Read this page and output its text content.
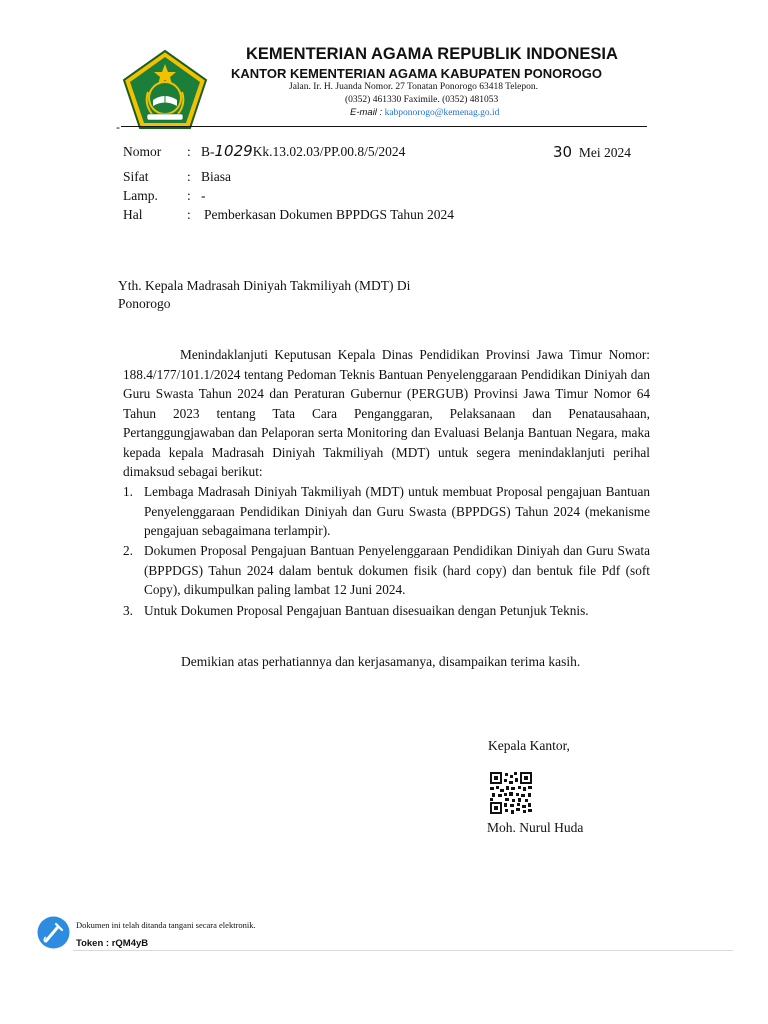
KEMENTERIAN AGAMA REPUBLIK INDONESIA
KANTOR KEMENTERIAN AGAMA KABUPATEN PONOROGO
Jalan. Ir. H. Juanda Nomor. 27 Tonatan Ponorogo 63418 Telepon.
(0352) 461330 Faximile. (0352) 481053
E-mail : kabponorogo@kemenag.go.id
-
Nomor : B-1029Kk.13.02.03/PP.00.8/5/2024	30 Mei 2024
Sifat	: Biasa
Lamp. : -
Hal	: Pemberkasan Dokumen BPPDGS Tahun 2024
Yth. Kepala Madrasah Diniyah Takmiliyah (MDT) Di
Ponorogo
Menindaklanjuti Keputusan Kepala Dinas Pendidikan Provinsi Jawa Timur Nomor: 188.4/177/101.1/2024 tentang Pedoman Teknis Bantuan Penyelenggaraan Pendidikan Diniyah dan Guru Swasta Tahun 2024 dan Peraturan Gubernur (PERGUB) Provinsi Jawa Timur Nomor 64 Tahun 2023 tentang Tata Cara Penganggaran, Pelaksanaan dan Penatausahaan, Pertanggungjawaban dan Pelaporan serta Monitoring dan Evaluasi Belanja Bantuan Negara, maka kepada kepala Madrasah Diniyah Takmiliyah (MDT) untuk segera menindaklanjuti perihal dimaksud sebagai berikut:
1. Lembaga Madrasah Diniyah Takmiliyah (MDT) untuk membuat Proposal pengajuan Bantuan Penyelenggaraan Pendidikan Diniyah dan Guru Swasta (BPPDGS) Tahun 2024 (mekanisme pengajuan sebagaimana terlampir).
2. Dokumen Proposal Pengajuan Bantuan Penyelenggaraan Pendidikan Diniyah dan Guru Swata (BPPDGS) Tahun 2024 dalam bentuk dokumen fisik (hard copy) dan bentuk file Pdf (soft Copy), dikumpulkan paling lambat 12 Juni 2024.
3. Untuk Dokumen Proposal Pengajuan Bantuan disesuaikan dengan Petunjuk Teknis.
Demikian atas perhatiannya dan kerjasamanya, disampaikan terima kasih.
Kepala Kantor,
Moh. Nurul Huda
Dokumen ini telah ditanda tangani secara elektronik.
Token : rQM4yB
